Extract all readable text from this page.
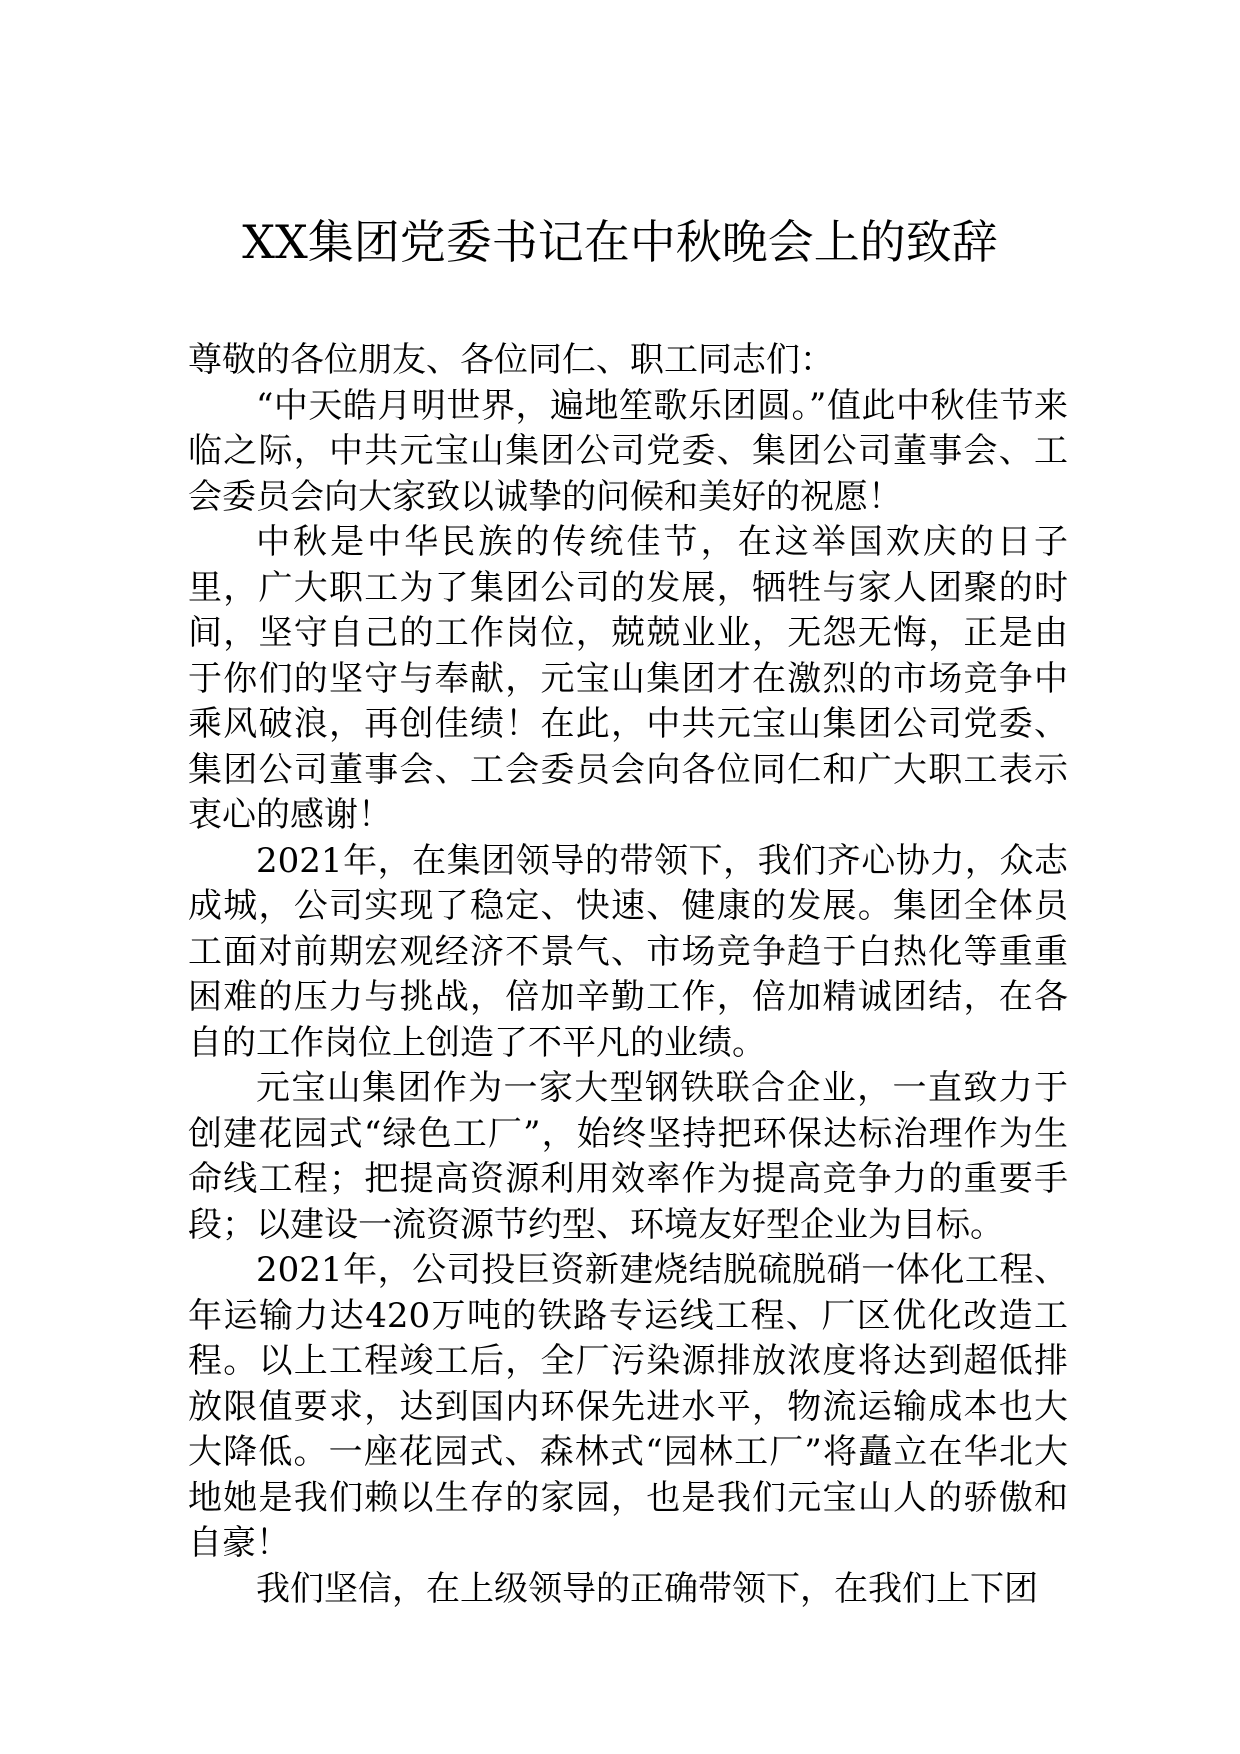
XX集团党委书记在中秋晚会上的致辞

尊敬的各位朋友、各位同仁、职工同志们：

“中天皓月明世界，遍地笙歌乐团圆。”值此中秋佳节来临之际，中共元宝山集团公司党委、集团公司董事会、工会委员会向大家致以诚挚的问候和美好的祝愿！

中秋是中华民族的传统佳节，在这举国欢庆的日子里，广大职工为了集团公司的发展，牺牲与家人团聚的时间，坚守自己的工作岗位，兢兢业业，无怨无悔，正是由于你们的坚守与奉献，元宝山集团才在激烈的市场竞争中乘风破浪，再创佳绩！在此，中共元宝山集团公司党委、集团公司董事会、工会委员会向各位同仁和广大职工表示衷心的感谢！

2021年，在集团领导的带领下，我们齐心协力，众志成城，公司实现了稳定、快速、健康的发展。集团全体员工面对前期宏观经济不景气、市场竞争趋于白热化等重重困难的压力与挑战，倍加辛勤工作，倍加精诚团结，在各自的工作岗位上创造了不平凡的业绩。

元宝山集团作为一家大型钢铁联合企业，一直致力于创建花园式“绿色工厂”，始终坚持把环保达标治理作为生命线工程；把提高资源利用效率作为提高竞争力的重要手段；以建设一流资源节约型、环境友好型企业为目标。

2021年，公司投巨资新建烧结脱硫脱硝一体化工程、年运输力达420万吨的铁路专运线工程、厂区优化改造工程。以上工程竣工后，全厂污染源排放浓度将达到超低排放限值要求，达到国内环保先进水平，物流运输成本也大大降低。一座花园式、森林式“园林工厂”将矗立在华北大地她是我们赖以生存的家园，也是我们元宝山人的骄傲和自豪！

我们坚信，在上级领导的正确带领下，在我们上下团
